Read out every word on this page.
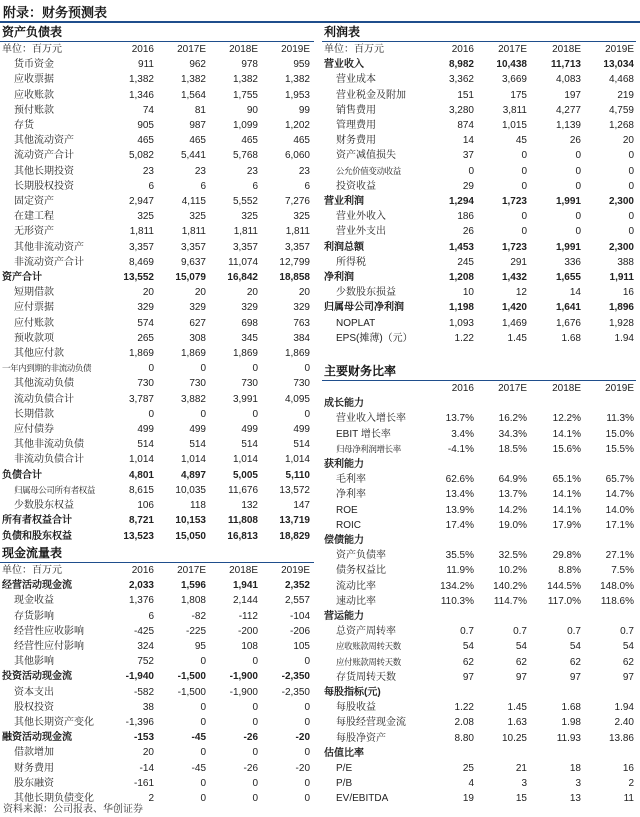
附录：财务预测表
资产负债表
单位：百万元	2016	2017E	2018E	2019E
货币资金	911	962	978	959
应收票据	1,382	1,382	1,382	1,382
应收账款	1,346	1,564	1,755	1,953
预付账款	74	81	90	99
存货	905	987	1,099	1,202
其他流动资产	465	465	465	465
流动资产合计	5,082	5,441	5,768	6,060
其他长期投资	23	23	23	23
长期股权投资	6	6	6	6
固定资产	2,947	4,115	5,552	7,276
在建工程	325	325	325	325
无形资产	1,811	1,811	1,811	1,811
其他非流动资产	3,357	3,357	3,357	3,357
非流动资产合计	8,469	9,637	11,074	12,799
资产合计	13,552	15,079	16,842	18,858
短期借款	20	20	20	20
应付票据	329	329	329	329
应付账款	574	627	698	763
预收款项	265	308	345	384
其他应付款	1,869	1,869	1,869	1,869
一年内到期的非流动负债	0	0	0	0
其他流动负债	730	730	730	730
流动负债合计	3,787	3,882	3,991	4,095
长期借款	0	0	0	0
应付债券	499	499	499	499
其他非流动负债	514	514	514	514
非流动负债合计	1,014	1,014	1,014	1,014
负债合计	4,801	4,897	5,005	5,110
归属母公司所有者权益	8,615	10,035	11,676	13,572
少数股东权益	106	118	132	147
所有者权益合计	8,721	10,153	11,808	13,719
负债和股东权益	13,523	15,050	16,813	18,829
现金流量表
单位：百万元	2016	2017E	2018E	2019E
经营活动现金流	2,033	1,596	1,941	2,352
现金收益	1,376	1,808	2,144	2,557
存货影响	6	-82	-112	-104
经营性应收影响	-425	-225	-200	-206
经营性应付影响	324	95	108	105
其他影响	752	0	0	0
投资活动现金流	-1,940	-1,500	-1,900	-2,350
资本支出	-582	-1,500	-1,900	-2,350
股权投资	38	0	0	0
其他长期资产变化	-1,396	0	0	0
融资活动现金流	-153	-45	-26	-20
借款增加	20	0	0	0
财务费用	-14	-45	-26	-20
股东融资	-161	0	0	0
其他长期负债变化	2	0	0	0
利润表
单位：百万元	2016	2017E	2018E	2019E
营业收入	8,982	10,438	11,713	13,034
营业成本	3,362	3,669	4,083	4,468
营业税金及附加	151	175	197	219
销售费用	3,280	3,811	4,277	4,759
管理费用	874	1,015	1,139	1,268
财务费用	14	45	26	20
资产减值损失	37	0	0	0
公允价值变动收益	0	0	0	0
投资收益	29	0	0	0
营业利润	1,294	1,723	1,991	2,300
营业外收入	186	0	0	0
营业外支出	26	0	0	0
利润总额	1,453	1,723	1,991	2,300
所得税	245	291	336	388
净利润	1,208	1,432	1,655	1,911
少数股东损益	10	12	14	16
归属母公司净利润	1,198	1,420	1,641	1,896
NOPLAT	1,093	1,469	1,676	1,928
EPS(摊薄)（元）	1.22	1.45	1.68	1.94
主要财务比率
	2016	2017E	2018E	2019E
成长能力				
营业收入增长率	13.7%	16.2%	12.2%	11.3%
EBIT 增长率	3.4%	34.3%	14.1%	15.0%
归母净利润增长率	-4.1%	18.5%	15.6%	15.5%
获利能力				
毛利率	62.6%	64.9%	65.1%	65.7%
净利率	13.4%	13.7%	14.1%	14.7%
ROE	13.9%	14.2%	14.1%	14.0%
ROIC	17.4%	19.0%	17.9%	17.1%
偿债能力				
资产负债率	35.5%	32.5%	29.8%	27.1%
债务权益比	11.9%	10.2%	8.8%	7.5%
流动比率	134.2%	140.2%	144.5%	148.0%
速动比率	110.3%	114.7%	117.0%	118.6%
营运能力				
总资产周转率	0.7	0.7	0.7	0.7
应收账款周转天数	54	54	54	54
应付账款周转天数	62	62	62	62
存货周转天数	97	97	97	97
每股指标(元)				
每股收益	1.22	1.45	1.68	1.94
每股经营现金流	2.08	1.63	1.98	2.40
每股净资产	8.80	10.25	11.93	13.86
估值比率				
P/E	25	21	18	16
P/B	4	3	3	2
EV/EBITDA	19	15	13	11
资料来源：公司报表、华创证券
